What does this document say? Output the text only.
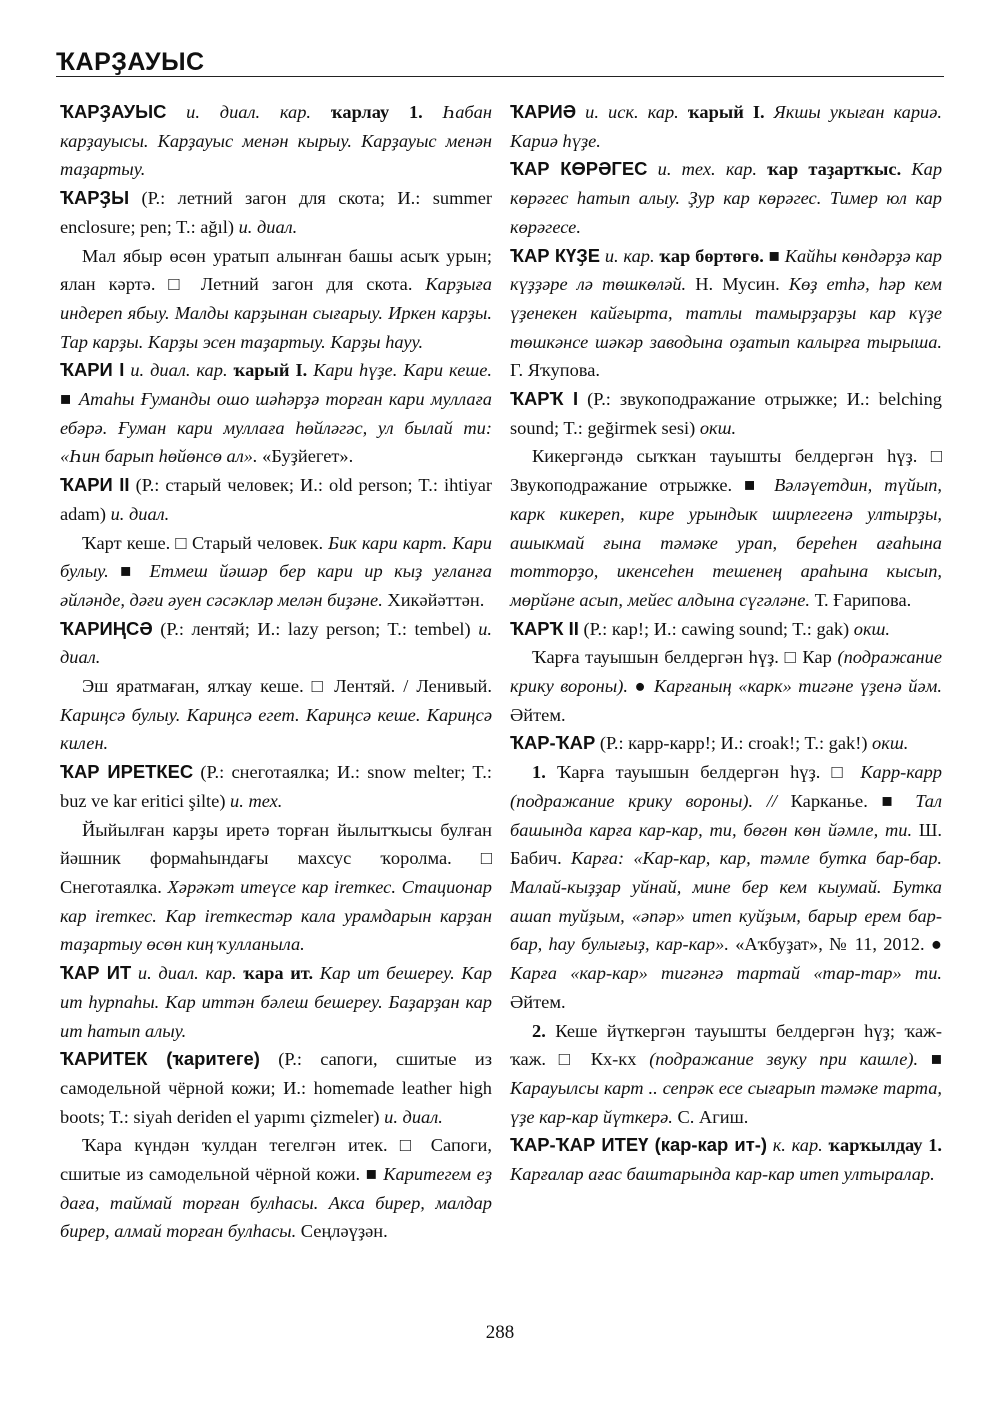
ҠАРҘАУЫС

ҠАРҘАУЫС и. диал. кар. ҡарлау 1. Һабан карҙауысы. Карҙауыс менән кырыу. Карҙауыс менән таҙартыу.

ҠАРҘЫ (Р.: летний загон для скота; И.: summer enclosure; pen; T.: ağıl) и. диал.

Мал ябыр өсөн уратып алынған башы асыҡ урын; ялан кәртә. □ Летний загон для скота. Карҙыға индереп ябыу. Малды карҙынан сығарыу. Иркен карҙы. Тар карҙы. Карҙы эсен таҙартыу. Карҙы һауу.

ҠАРИ І и. диал. кар. ҡарый І. Кари һүҙе. Кари кеше. ■ Атаһы Ғуманды ошо шәһәрҙә торған кари муллаға ебәрә. Ғуман кари муллаға һөйләгәс, ул былай ти: «Һин барып һөйөнсө ал». «Буҙйегет».

ҠАРИ ІІ (Р.: старый человек; И.: old person; T.: ihtiyar adam) и. диал.

Ҡарт кеше. □ Старый человек. Бик кари карт. Кари булыу. ■ Етмеш йәшәр бер кари ир кыҙ уғланға әйләнде, дәғи әуен сәсәкләр мелән биҙәне. Хикәйәттән.

ҠАРИҢСӘ (Р.: лентяй; И.: lazy person; T.: tembel) и. диал.

Эш яратмаған, ялҡау кеше. □ Лентяй. / Ленивый. Кариңсә булыу. Кариңсә егет. Кариңсә кеше. Кариңсә килен.

ҠАР ИРЕТКЕС (Р.: снеготаялка; И.: snow melter; T.: buz ve kar eritici şilte) и. тех.

Йыйылған карҙы иретә торған йылытҡысы булған йәшник формаһындағы махсус ҡоролма. □ Снеготаялка. Хәрәкәт итеүсе кар ireткес. Стационар кар ireткес. Кар ireткестәр кала урамдарын карҙан таҙартыу өсөн киң ҡулланыла.

ҠАР ИТ и. диал. кар. ҡара ит. Кар ит бешереу. Кар ит һурпаһы. Кар иттән бәлеш бешереу. Баҙарҙан кар ит һатып алыу.

ҠАРИТЕК (ҡаритеге) (Р.: сапоги, сшитые из самодельной чёрной кожи; И.: homemade leather high boots; T.: siyah deriden el yapımı çizmeler) и. диал.

Ҡара күндән ҡулдан тегелгән итек. □ Сапоги, сшитые из самодельной чёрной кожи. ■ Каритегем еҙ дағa, таймай торған булһасы. Акса бирер, малдар бирер, алмай торған булһасы. Сеңләүҙән.

ҠАРИӘ и. иск. кар. ҡарый І. Якшы укыған кариә. Кариә һүҙе.

ҠАР КӨРӘГЕС и. тех. кар. ҡар таҙартҡыс. Кар көрәгес һатып алыу. Ҙур кар көрәгес. Тимер юл кар көрәгесе.

ҠАР КҮҘЕ и. кар. ҡар бөртөгө. ■ Кайһы көндәрҙә кар күҙҙәре лә төшкөләй. Н. Мусин. Көҙ етһә, һәр кем үҙенекен кайғырта, татлы тамырҙарҙы кар күҙе төшкәнсе шәкәр заводына оҙатып калырға тырыша. Г. Яҡупова.

ҠАРҠ І (Р.: звукоподражание отрыжке; И.: belching sound; T.: geğirmek sesi) окш.

Кикергәндә сыҡҡан тауышты белдергән һүҙ. □ Звукоподражание отрыжке. ■ Вәләүетдин, түйып, карк кикереп, кире урындык ширлегенә ултырҙы, ашыкмай ғына тәмәке урап, береһен ағаһына тотторҙо, икенсеһен тешенең араһына кысып, мөрйәне асып, мейес алдына сүгәләне. Т. Ғарипова.

ҠАРҠ ІІ (Р.: кар!; И.: cawing sound; T.: gak) окш.

Ҡарға тауышын белдергән һүҙ. □ Кар (подражание крику вороны). ● Карғаның «карк» тигәне үҙенә йәм. Әйтем.

ҠАР-ҠАР (Р.: карр-карр!; И.: croak!; T.: gak!) окш.

1. Ҡарға тауышын белдергән һүҙ. □ Карр-карр (подражание крику вороны). // Карканье. ■ Тал башында карға кар-кар, ти, бөгөн көн йәмле, ти. Ш. Бабич. Карға: «Кар-кар, кар, тәмле бутка бар-бар. Малай-кыҙҙар уйнай, мине бер кем кыумай. Бутка ашап туйҙым, «әпәр» итеп куйҙым, барыр ерем бар-бар, һау булығыҙ, кар-кар». «Аҡбуҙат», № 11, 2012. ● Карға «кар-кар» тигәнгә тартай «тар-тар» ти. Әйтем.

2. Кеше йүткергән тауышты белдергән һүҙ; ҡаж-ҡаж. □ Кх-кх (подражание звуку при кашле). ■ Карауылсы карт .. сепрәк есе сығарып тәмәке тарта, үҙе кар-кар йүткерә. С. Агиш.

ҠАР-ҠАР ИТЕҮ (кар-кар ит-) к. кар. ҡарҡылдау 1. Карғалар ағас баштарында кар-кар итеп ултыралар.

288
